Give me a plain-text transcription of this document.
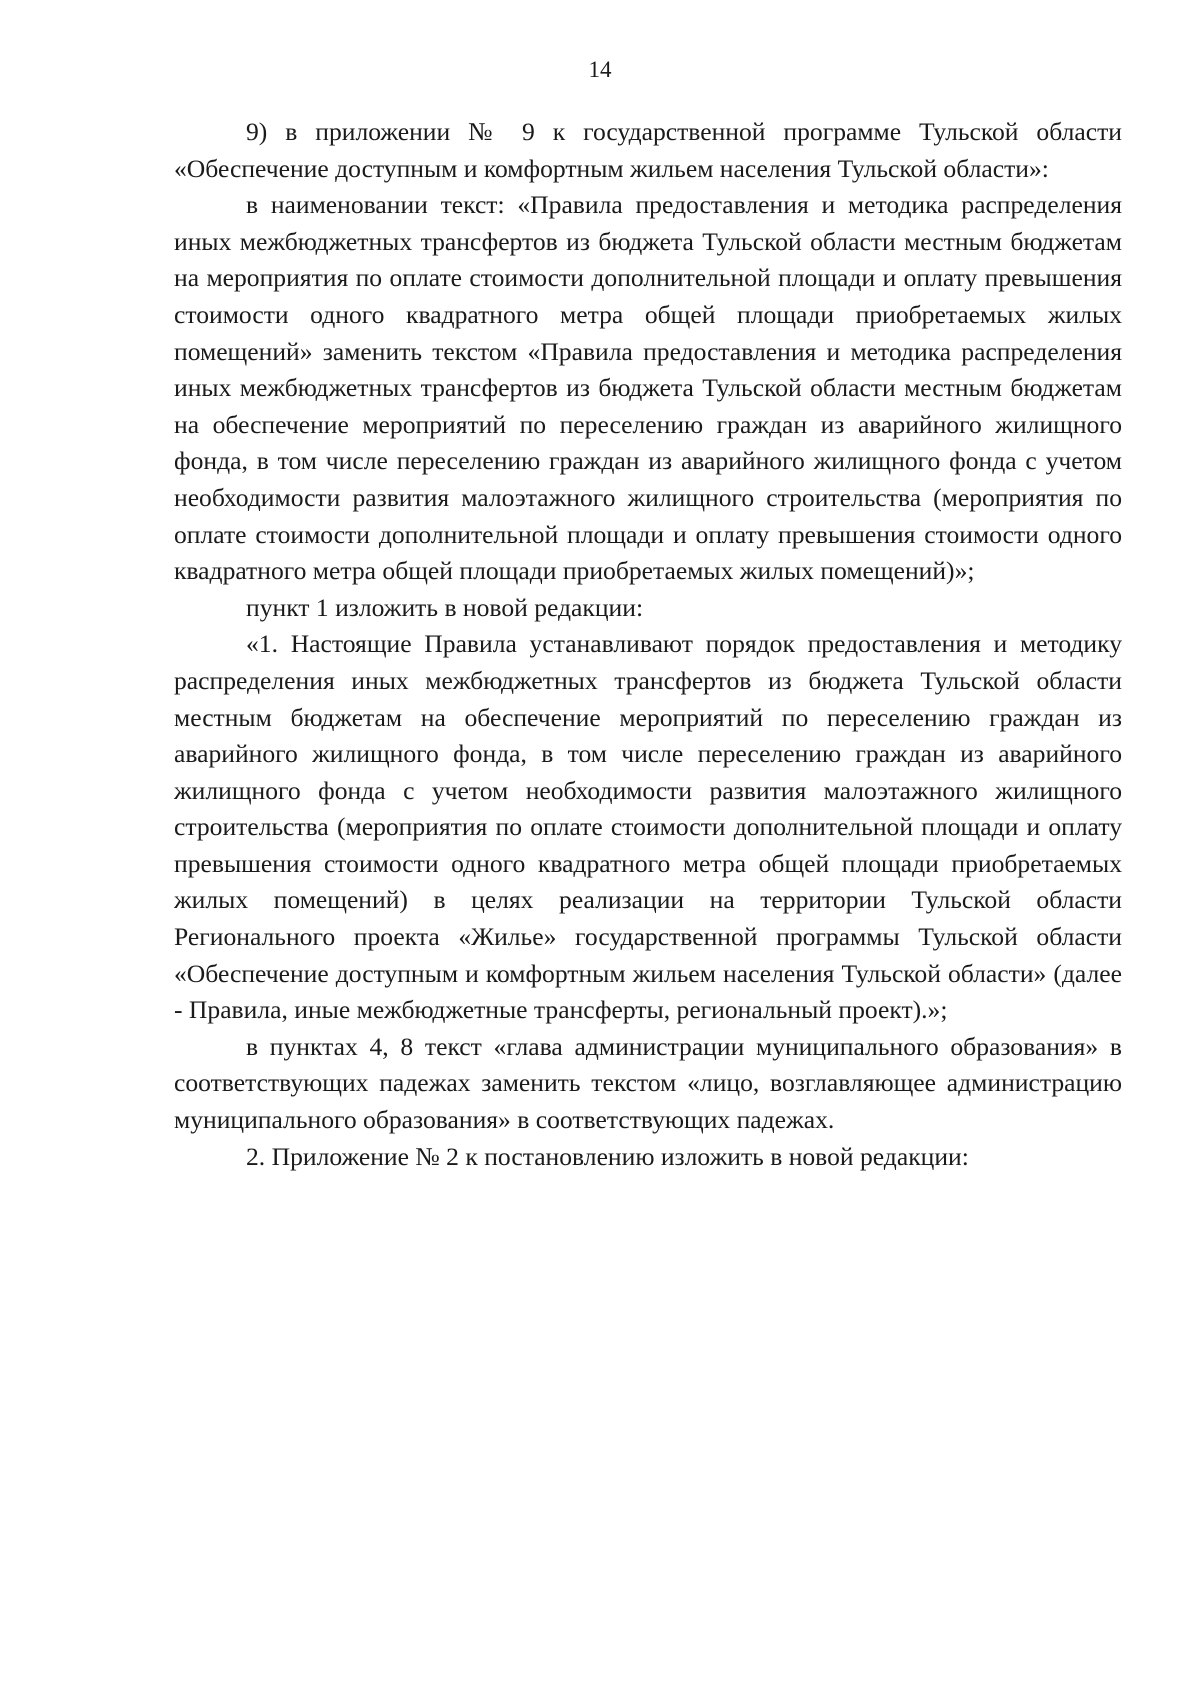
14

9) в приложении № 9 к государственной программе Тульской области «Обеспечение доступным и комфортным жильем населения Тульской области»:

в наименовании текст: «Правила предоставления и методика распределения иных межбюджетных трансфертов из бюджета Тульской области местным бюджетам на мероприятия по оплате стоимости дополнительной площади и оплату превышения стоимости одного квадратного метра общей площади приобретаемых жилых помещений» заменить текстом «Правила предоставления и методика распределения иных межбюджетных трансфертов из бюджета Тульской области местным бюджетам на обеспечение мероприятий по переселению граждан из аварийного жилищного фонда, в том числе переселению граждан из аварийного жилищного фонда с учетом необходимости развития малоэтажного жилищного строительства (мероприятия по оплате стоимости дополнительной площади и оплату превышения стоимости одного квадратного метра общей площади приобретаемых жилых помещений)»;

пункт 1 изложить в новой редакции:

«1. Настоящие Правила устанавливают порядок предоставления и методику распределения иных межбюджетных трансфертов из бюджета Тульской области местным бюджетам на обеспечение мероприятий по переселению граждан из аварийного жилищного фонда, в том числе переселению граждан из аварийного жилищного фонда с учетом необходимости развития малоэтажного жилищного строительства (мероприятия по оплате стоимости дополнительной площади и оплату превышения стоимости одного квадратного метра общей площади приобретаемых жилых помещений) в целях реализации на территории Тульской области Регионального проекта «Жилье» государственной программы Тульской области «Обеспечение доступным и комфортным жильем населения Тульской области» (далее - Правила, иные межбюджетные трансферты, региональный проект).»;

в пунктах 4, 8 текст «глава администрации муниципального образования» в соответствующих падежах заменить текстом «лицо, возглавляющее администрацию муниципального образования» в соответствующих падежах.

2. Приложение № 2 к постановлению изложить в новой редакции:
